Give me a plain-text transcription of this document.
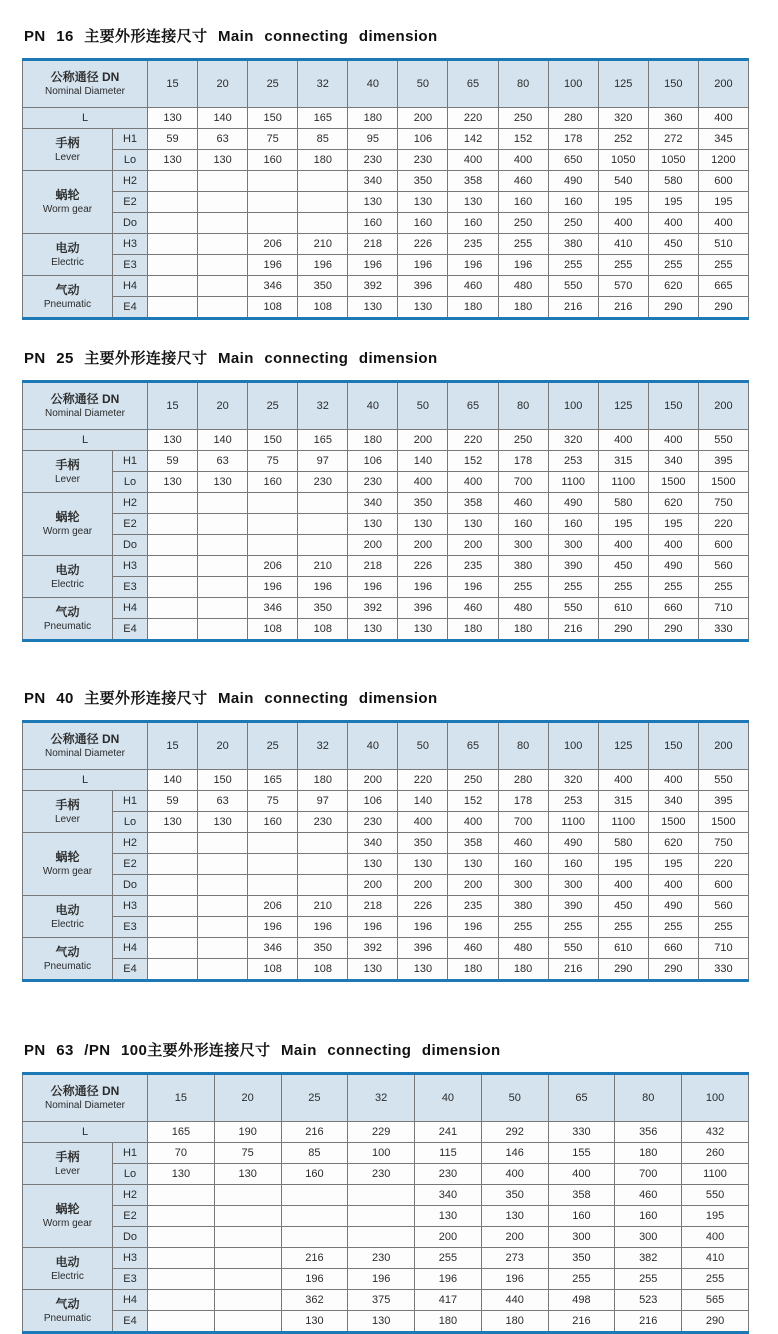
PN 16 主要外形连接尺寸 Main connecting dimension
公称通径 DN
Nominal Diameter		15	20	25	32	40	50	65	80	100	125	150	200
L		130	140	150	165	180	200	220	250	280	320	360	400

手柄
Lever	H1	59	63	75	85	95	106	142	152	178	252	272	345
	Lo	130	130	160	180	230	230	400	400	650	1050	1050	1200

蜗轮
Worm gear	H2					340	350	358	460	490	540	580	600
	E2					130	130	130	160	160	195	195	195
	Do					160	160	160	250	250	400	400	400

电动
Electric	H3			206	210	218	226	235	255	380	410	450	510
	E3			196	196	196	196	196	196	255	255	255	255

气动
Pneumatic	H4			346	350	392	396	460	480	550	570	620	665
	E4			108	108	130	130	180	180	216	216	290	290
PN 25 主要外形连接尺寸 Main connecting dimension
公称通径 DN
Nominal Diameter		15	20	25	32	40	50	65	80	100	125	150	200
L		130	140	150	165	180	200	220	250	320	400	400	550

手柄
Lever	H1	59	63	75	97	106	140	152	178	253	315	340	395
	Lo	130	130	160	230	230	400	400	700	1100	1100	1500	1500

蜗轮
Worm gear	H2					340	350	358	460	490	580	620	750
	E2					130	130	130	160	160	195	195	220
	Do					200	200	200	300	300	400	400	600

电动
Electric	H3			206	210	218	226	235	380	390	450	490	560
	E3			196	196	196	196	196	255	255	255	255	255

气动
Pneumatic	H4			346	350	392	396	460	480	550	610	660	710
	E4			108	108	130	130	180	180	216	290	290	330
PN 40 主要外形连接尺寸 Main connecting dimension
公称通径 DN
Nominal Diameter		15	20	25	32	40	50	65	80	100	125	150	200
L		140	150	165	180	200	220	250	280	320	400	400	550

手柄
Lever	H1	59	63	75	97	106	140	152	178	253	315	340	395
	Lo	130	130	160	230	230	400	400	700	1100	1100	1500	1500

蜗轮
Worm gear	H2					340	350	358	460	490	580	620	750
	E2					130	130	130	160	160	195	195	220
	Do					200	200	200	300	300	400	400	600

电动
Electric	H3			206	210	218	226	235	380	390	450	490	560
	E3			196	196	196	196	196	255	255	255	255	255

气动
Pneumatic	H4			346	350	392	396	460	480	550	610	660	710
	E4			108	108	130	130	180	180	216	290	290	330
PN 63 /PN 100主要外形连接尺寸 Main connecting dimension
公称通径 DN
Nominal Diameter		15	20	25	32	40	50	65	80	100
L		165	190	216	229	241	292	330	356	432

手柄
Lever	H1	70	75	85	100	115	146	155	180	260
	Lo	130	130	160	230	230	400	400	700	1100

蜗轮
Worm gear	H2					340	350	358	460	550
	E2					130	130	160	160	195
	Do					200	200	300	300	400

电动
Electric	H3			216	230	255	273	350	382	410
	E3			196	196	196	196	255	255	255

气动
Pneumatic	H4			362	375	417	440	498	523	565
	E4			130	130	180	180	216	216	290
